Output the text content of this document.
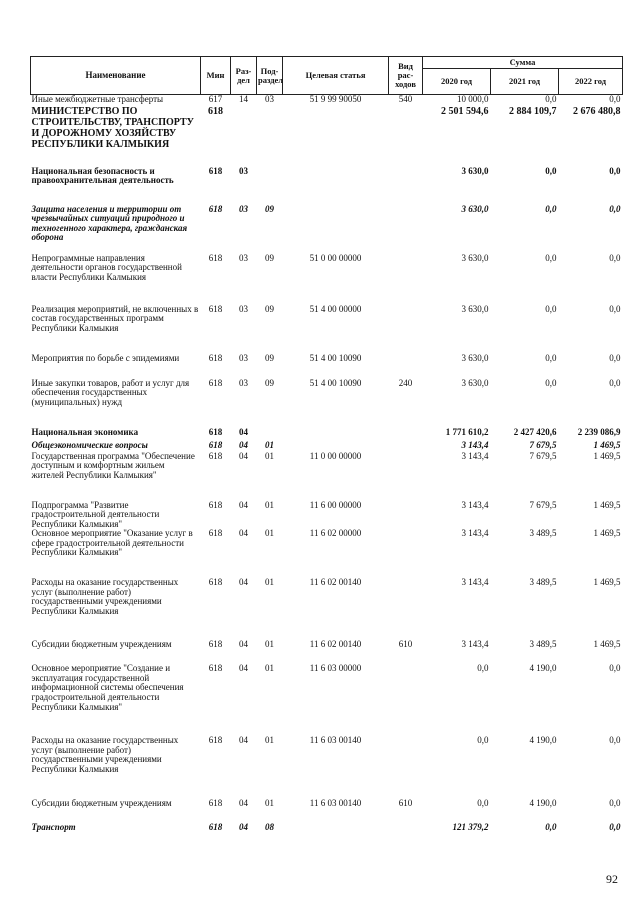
Наименование	Мин	Раз-дел	Под-раздел	Целевая статья	Вид рас-ходов	Сумма		
						2020 год	2021 год	2022 год
Иные межбюджетные трансферты	617	14	03	51 9 99 90050	540	10 000,0	0,0	0,0
МИНИСТЕРСТВО ПО СТРОИТЕЛЬСТВУ, ТРАНСПОРТУ И ДОРОЖНОМУ ХОЗЯЙСТВУ РЕСПУБЛИКИ КАЛМЫКИЯ	618					2 501 594,6	2 884 109,7	2 676 480,8
Национальная безопасность и правоохранительная деятельность	618	03				3 630,0	0,0	0,0
Защита населения и территории от чрезвычайных ситуаций природного и техногенного характера, гражданская оборона	618	03	09			3 630,0	0,0	0,0
Непрограммные направления деятельности органов государственной власти Республики Калмыкия	618	03	09	51 0 00 00000		3 630,0	0,0	0,0
Реализация мероприятий, не включенных в состав государственных программ Республики Калмыкия	618	03	09	51 4 00 00000		3 630,0	0,0	0,0
Мероприятия по борьбе с эпидемиями	618	03	09	51 4 00 10090		3 630,0	0,0	0,0
Иные закупки товаров, работ и услуг для обеспечения государственных (муниципальных) нужд	618	03	09	51 4 00 10090	240	3 630,0	0,0	0,0
Национальная экономика	618	04				1 771 610,2	2 427 420,6	2 239 086,9
Общеэкономические вопросы	618	04	01			3 143,4	7 679,5	1 469,5
Государственная программа "Обеспечение доступным и комфортным жильем жителей Республики Калмыкия"	618	04	01	11 0 00 00000		3 143,4	7 679,5	1 469,5
Подпрограмма "Развитие градостроительной деятельности Республики Калмыкия"	618	04	01	11 6 00 00000		3 143,4	7 679,5	1 469,5
Основное мероприятие "Оказание услуг в сфере градостроительной деятельности Республики Калмыкия"	618	04	01	11 6 02 00000		3 143,4	3 489,5	1 469,5
Расходы на оказание государственных услуг (выполнение работ) государственными учреждениями Республики Калмыкия	618	04	01	11 6 02 00140		3 143,4	3 489,5	1 469,5
Субсидии бюджетным учреждениям	618	04	01	11 6 02 00140	610	3 143,4	3 489,5	1 469,5
Основное мероприятие "Создание и эксплуатация государственной информационной системы обеспечения градостроительной деятельности Республики Калмыкия"	618	04	01	11 6 03 00000		0,0	4 190,0	0,0
Расходы на оказание государственных услуг (выполнение работ) государственными учреждениями Республики Калмыкия	618	04	01	11 6 03 00140		0,0	4 190,0	0,0
Субсидии бюджетным учреждениям	618	04	01	11 6 03 00140	610	0,0	4 190,0	0,0
Транспорт	618	04	08			121 379,2	0,0	0,0
92
